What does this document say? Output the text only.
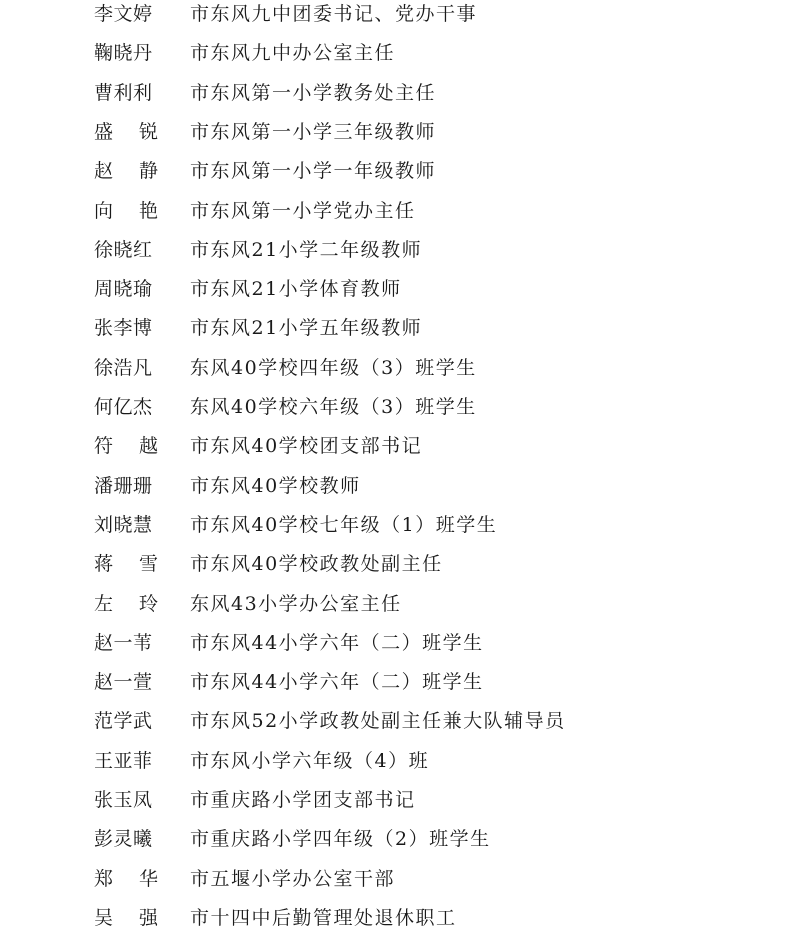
李文婷 市东风九中团委书记、党办干事
鞠晓丹 市东风九中办公室主任
曹利利 市东风第一小学教务处主任
盛锐 市东风第一小学三年级教师
赵静 市东风第一小学一年级教师
向艳 市东风第一小学党办主任
徐晓红 市东风21小学二年级教师
周晓瑜 市东风21小学体育教师
张李博 市东风21小学五年级教师
徐浩凡 东风40学校四年级（3）班学生
何亿杰 东风40学校六年级（3）班学生
符越 市东风40学校团支部书记
潘珊珊 市东风40学校教师
刘晓慧 市东风40学校七年级（1）班学生
蒋雪 市东风40学校政教处副主任
左玲 东风43小学办公室主任
赵一苇 市东风44小学六年（二）班学生
赵一萱 市东风44小学六年（二）班学生
范学武 市东风52小学政教处副主任兼大队辅导员
王亚菲 市东风小学六年级（4）班
张玉凤 市重庆路小学团支部书记
彭灵曦 市重庆路小学四年级（2）班学生
郑华 市五堰小学办公室干部
吴强 市十四中后勤管理处退休职工
